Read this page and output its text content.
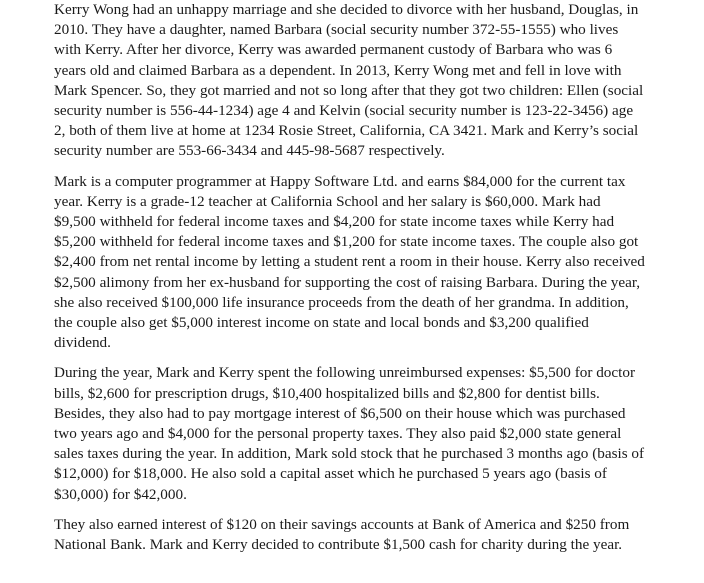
Kerry Wong had an unhappy marriage and she decided to divorce with her husband, Douglas, in
2010. They have a daughter, named Barbara (social security number 372-55-1555) who lives
with Kerry. After her divorce, Kerry was awarded permanent custody of Barbara who was 6
years old and claimed Barbara as a dependent. In 2013, Kerry Wong met and fell in love with
Mark Spencer. So, they got married and not so long after that they got two children: Ellen (social
security number is 556-44-1234) age 4 and Kelvin (social security number is 123-22-3456) age
2, both of them live at home at 1234 Rosie Street, California, CA 3421. Mark and Kerry’s social
security number are 553-66-3434 and 445-98-5687 respectively.

Mark is a computer programmer at Happy Software Ltd. and earns $84,000 for the current tax
year. Kerry is a grade-12 teacher at California School and her salary is $60,000. Mark had
$9,500 withheld for federal income taxes and $4,200 for state income taxes while Kerry had
$5,200 withheld for federal income taxes and $1,200 for state income taxes. The couple also got
$2,400 from net rental income by letting a student rent a room in their house. Kerry also received
$2,500 alimony from her ex-husband for supporting the cost of raising Barbara. During the year,
she also received $100,000 life insurance proceeds from the death of her grandma. In addition,
the couple also get $5,000 interest income on state and local bonds and $3,200 qualified
dividend.

During the year, Mark and Kerry spent the following unreimbursed expenses: $5,500 for doctor
bills, $2,600 for prescription drugs, $10,400 hospitalized bills and $2,800 for dentist bills.
Besides, they also had to pay mortgage interest of $6,500 on their house which was purchased
two years ago and $4,000 for the personal property taxes. They also paid $2,000 state general
sales taxes during the year. In addition, Mark sold stock that he purchased 3 months ago (basis of
$12,000) for $18,000. He also sold a capital asset which he purchased 5 years ago (basis of
$30,000) for $42,000.

They also earned interest of $120 on their savings accounts at Bank of America and $250 from
National Bank. Mark and Kerry decided to contribute $1,500 cash for charity during the year.
